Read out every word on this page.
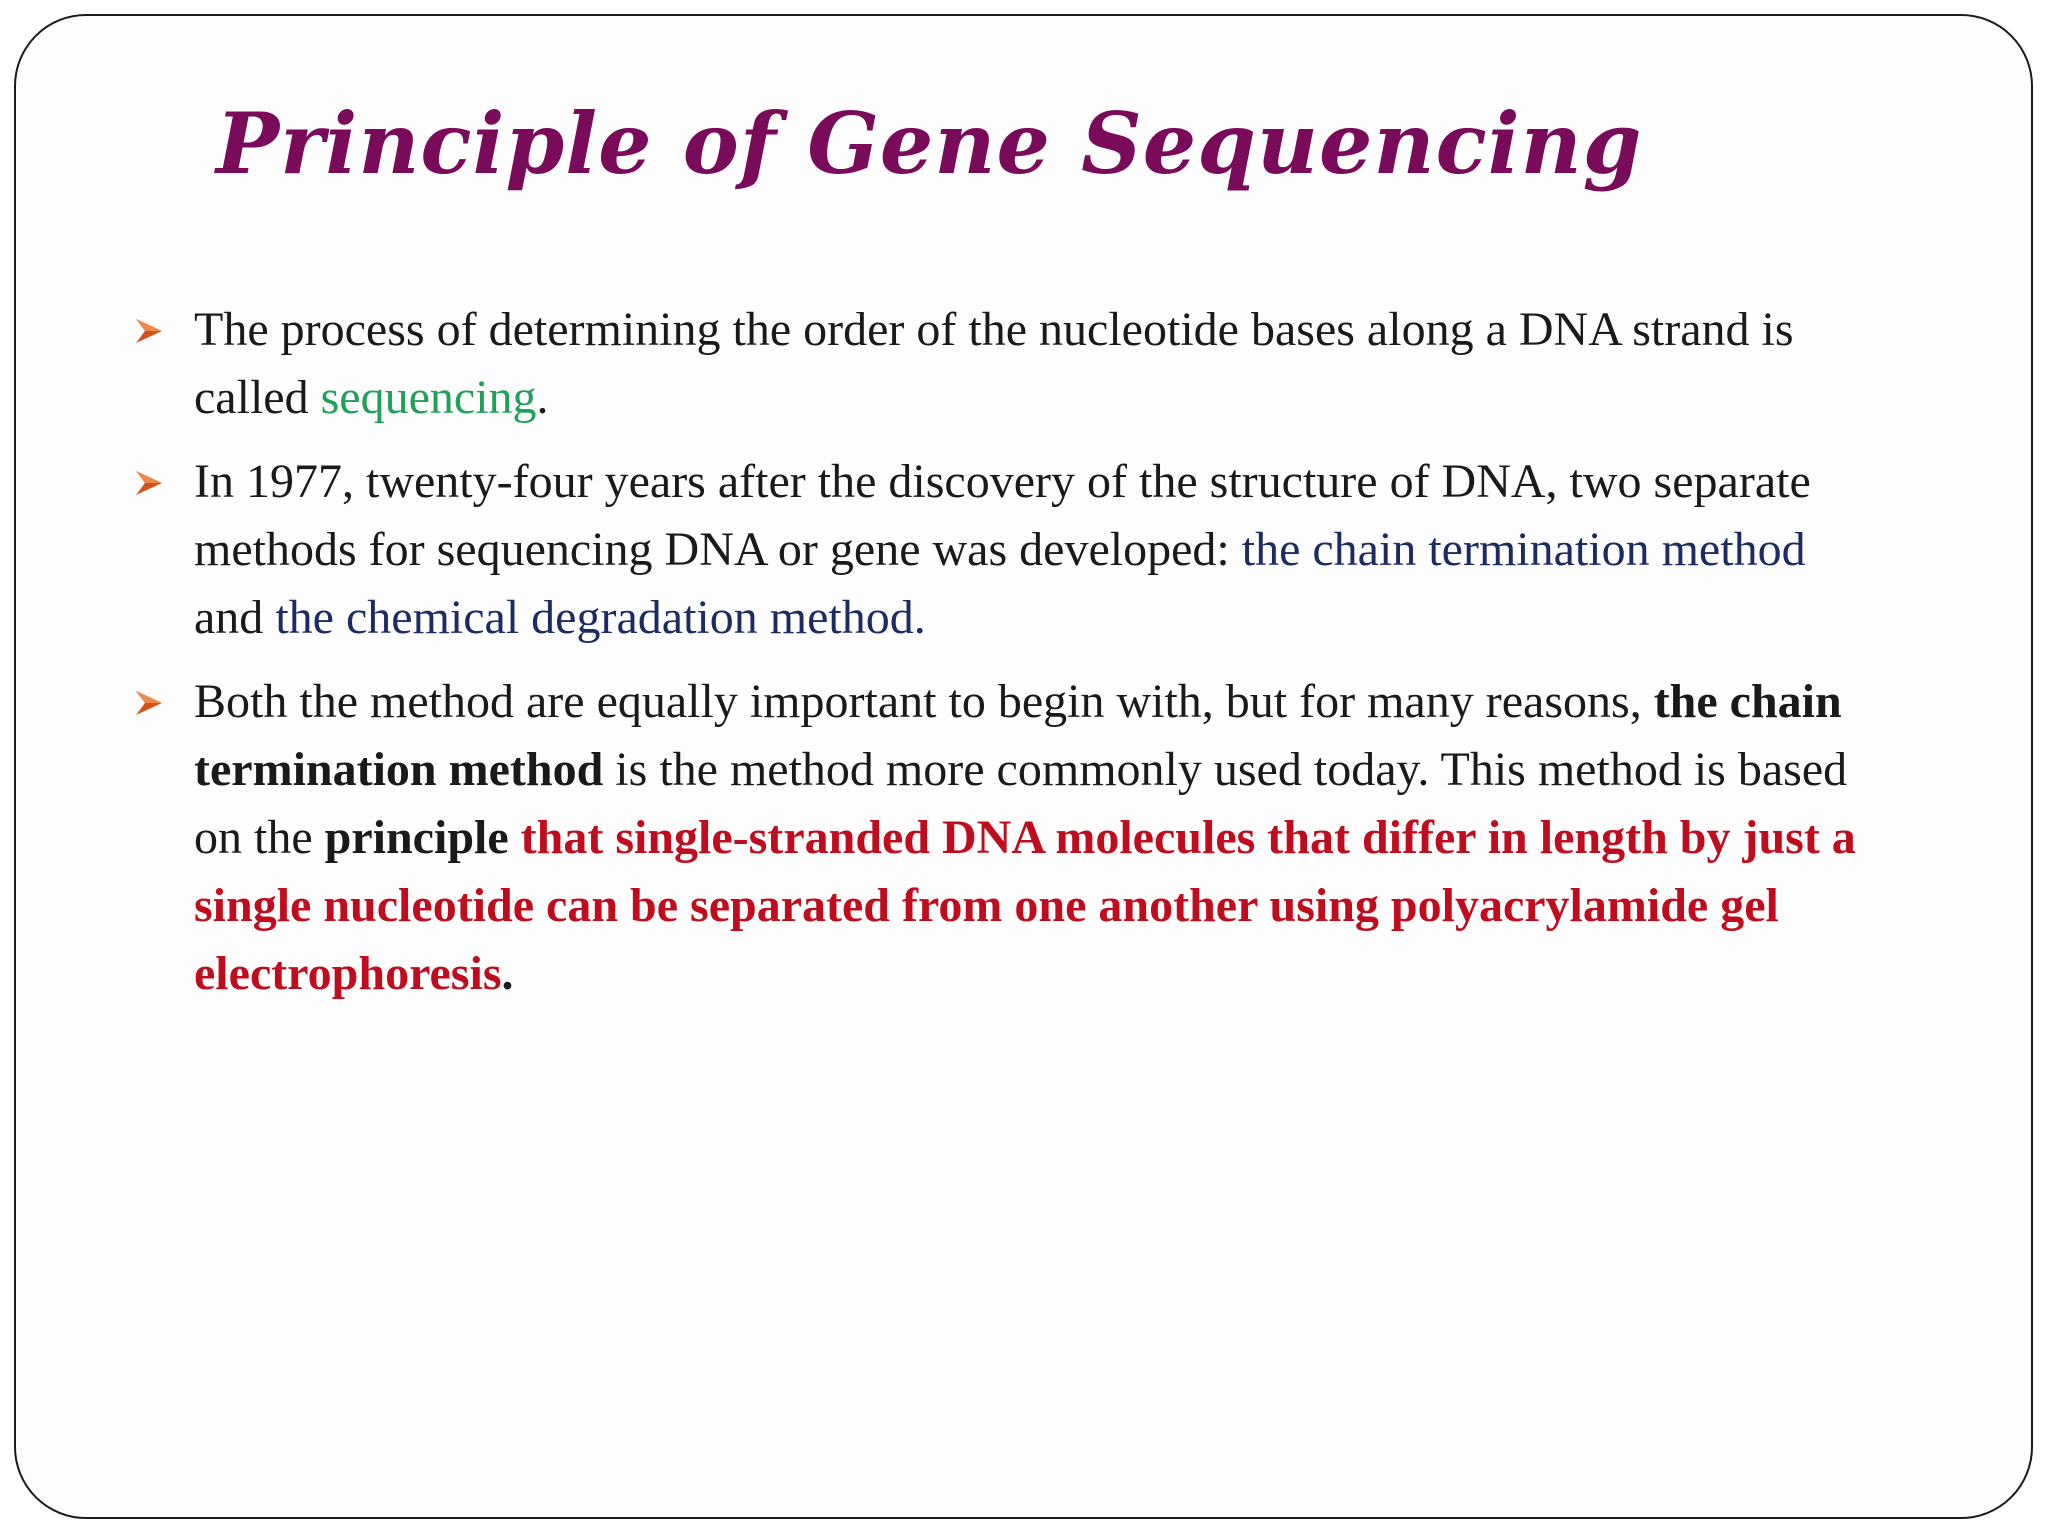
Principle of Gene Sequencing
The process of determining the order of the nucleotide bases along a DNA strand is called sequencing.
In 1977, twenty-four years after the discovery of the structure of DNA, two separate methods for sequencing DNA or gene was developed: the chain termination method and the chemical degradation method.
Both the method are equally important to begin with, but for many reasons, the chain termination method is the method more commonly used today. This method is based on the principle that single-stranded DNA molecules that differ in length by just a single nucleotide can be separated from one another using polyacrylamide gel electrophoresis.
